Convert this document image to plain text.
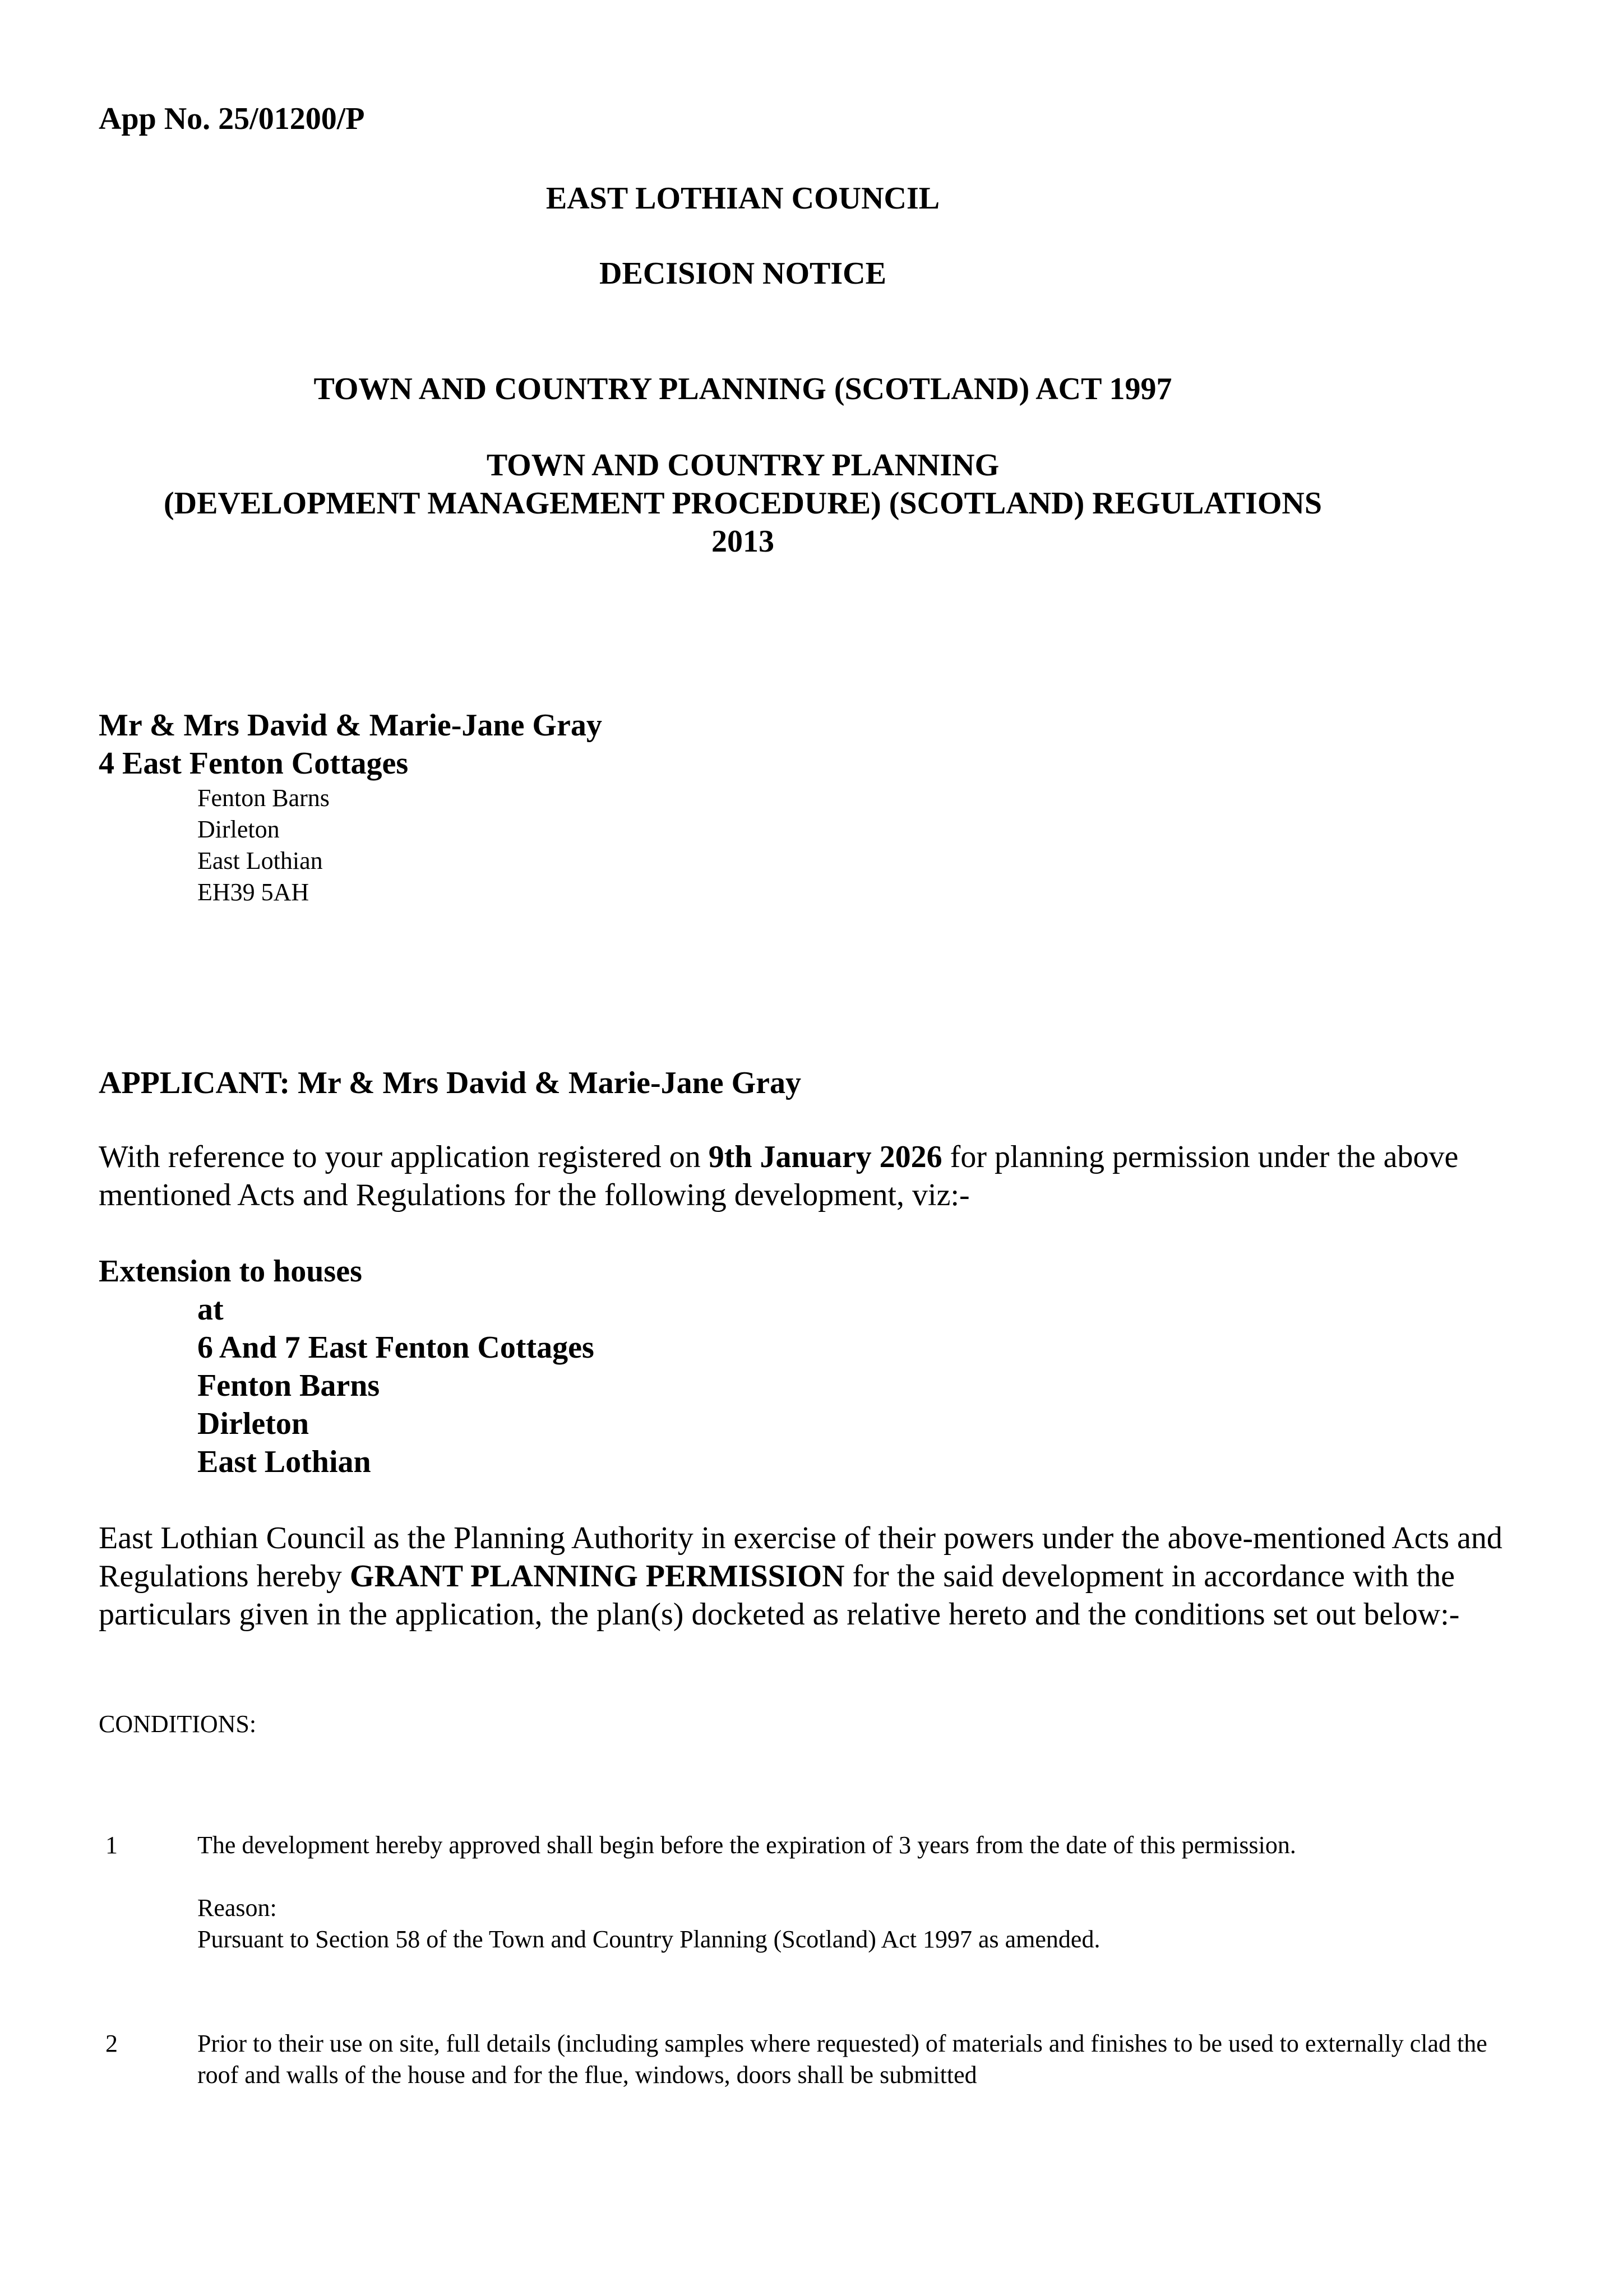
App No. 25/01200/P
EAST LOTHIAN COUNCIL
DECISION NOTICE
TOWN AND COUNTRY PLANNING (SCOTLAND) ACT 1997
TOWN AND COUNTRY PLANNING
(DEVELOPMENT MANAGEMENT PROCEDURE) (SCOTLAND) REGULATIONS
2013
Mr & Mrs David & Marie-Jane Gray
4 East Fenton Cottages
Fenton Barns
Dirleton
East Lothian
EH39 5AH
APPLICANT: Mr & Mrs David & Marie-Jane Gray
With reference to your application registered on 9th January 2026 for planning permission under the above mentioned Acts and Regulations for the following development, viz:-
Extension to houses
at
6 And 7 East Fenton Cottages
Fenton Barns
Dirleton
East Lothian
East Lothian Council as the Planning Authority in exercise of their powers under the above-mentioned Acts and Regulations hereby GRANT PLANNING PERMISSION for the said development in accordance with the particulars given in the application, the plan(s) docketed as relative hereto and the conditions set out below:-
CONDITIONS:
1	The development hereby approved shall begin before the expiration of 3 years from the date of this permission.
Reason:
Pursuant to Section 58 of the Town and Country Planning (Scotland) Act 1997 as amended.
2	Prior to their use on site, full details (including samples where requested) of materials and finishes to be used to externally clad the roof and walls of the house and for the flue, windows, doors shall be submitted
